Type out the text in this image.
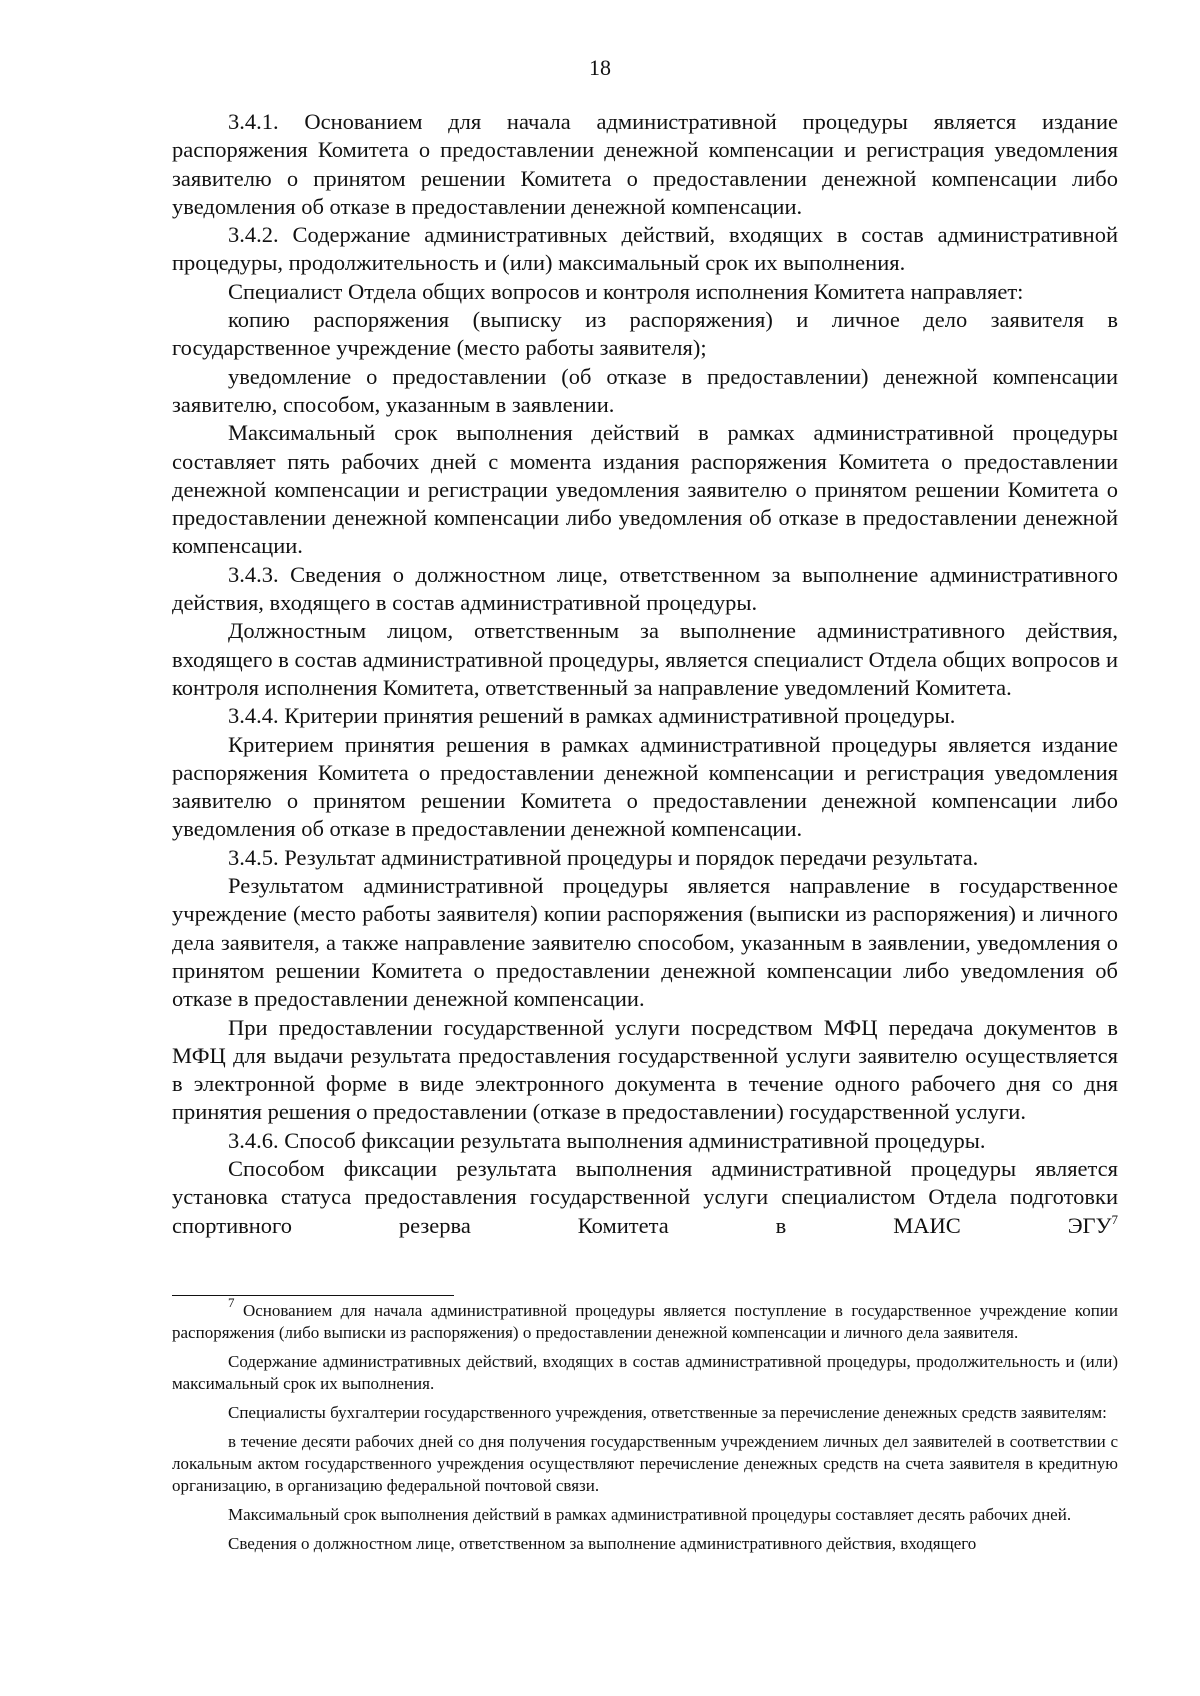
18

3.4.1. Основанием для начала административной процедуры является издание распоряжения Комитета о предоставлении денежной компенсации и регистрация уведомления заявителю о принятом решении Комитета о предоставлении денежной компенсации либо уведомления об отказе в предоставлении денежной компенсации.

3.4.2. Содержание административных действий, входящих в состав административной процедуры, продолжительность и (или) максимальный срок их выполнения.

Специалист Отдела общих вопросов и контроля исполнения Комитета направляет:

копию распоряжения (выписку из распоряжения) и личное дело заявителя в государственное учреждение (место работы заявителя);

уведомление о предоставлении (об отказе в предоставлении) денежной компенсации заявителю, способом, указанным в заявлении.

Максимальный срок выполнения действий в рамках административной процедуры составляет пять рабочих дней с момента издания распоряжения Комитета о предоставлении денежной компенсации и регистрации уведомления заявителю о принятом решении Комитета о предоставлении денежной компенсации либо уведомления об отказе в предоставлении денежной компенсации.

3.4.3. Сведения о должностном лице, ответственном за выполнение административного действия, входящего в состав административной процедуры.

Должностным лицом, ответственным за выполнение административного действия, входящего в состав административной процедуры, является специалист Отдела общих вопросов и контроля исполнения Комитета, ответственный за направление уведомлений Комитета.

3.4.4. Критерии принятия решений в рамках административной процедуры.

Критерием принятия решения в рамках административной процедуры является издание распоряжения Комитета о предоставлении денежной компенсации и регистрация уведомления заявителю о принятом решении Комитета о предоставлении денежной компенсации либо уведомления об отказе в предоставлении денежной компенсации.

3.4.5. Результат административной процедуры и порядок передачи результата.

Результатом административной процедуры является направление в государственное учреждение (место работы заявителя) копии распоряжения (выписки из распоряжения) и личного дела заявителя, а также направление заявителю способом, указанным в заявлении, уведомления о принятом решении Комитета о предоставлении денежной компенсации либо уведомления об отказе в предоставлении денежной компенсации.

При предоставлении государственной услуги посредством МФЦ передача документов в МФЦ для выдачи результата предоставления государственной услуги заявителю осуществляется в электронной форме в виде электронного документа в течение одного рабочего дня со дня принятия решения о предоставлении (отказе в предоставлении) государственной услуги.

3.4.6. Способ фиксации результата выполнения административной процедуры.

Способом фиксации результата выполнения административной процедуры является установка статуса предоставления государственной услуги специалистом Отдела подготовки спортивного резерва Комитета в МАИС ЭГУ$^7$

$^7$ Основанием для начала административной процедуры является поступление в государственное учреждение копии распоряжения (либо выписки из распоряжения) о предоставлении денежной компенсации и личного дела заявителя.

Содержание административных действий, входящих в состав административной процедуры, продолжительность и (или) максимальный срок их выполнения.

Специалисты бухгалтерии государственного учреждения, ответственные за перечисление денежных средств заявителям:

в течение десяти рабочих дней со дня получения государственным учреждением личных дел заявителей в соответствии с локальным актом государственного учреждения осуществляют перечисление денежных средств на счета заявителя в кредитную организацию, в организацию федеральной почтовой связи.

Максимальный срок выполнения действий в рамках административной процедуры составляет десять рабочих дней.

Сведения о должностном лице, ответственном за выполнение административного действия, входящего
